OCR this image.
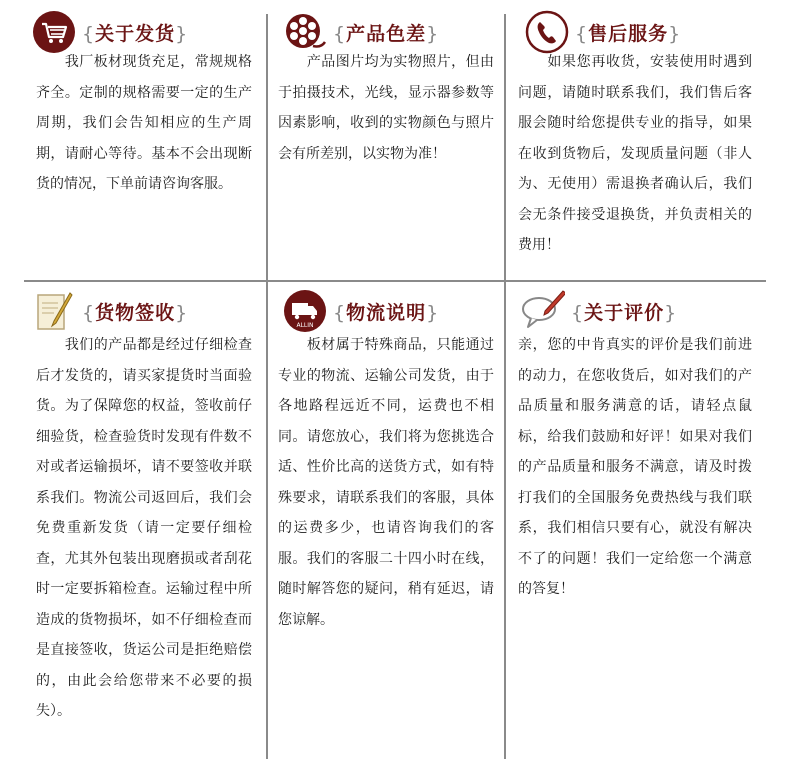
{关于发货}
　　我厂板材现货充足，常规规格齐全。定制的规格需要一定的生产周期，我们会告知相应的生产周期，请耐心等待。基本不会出现断货的情况，下单前请咨询客服。
{产品色差}
　　产品图片均为实物照片，但由于拍摄技术，光线，显示器参数等因素影响，收到的实物颜色与照片会有所差别，以实物为准！
{售后服务}
　　如果您再收货，安装使用时遇到问题，请随时联系我们，我们售后客服会随时给您提供专业的指导，如果在收到货物后，发现质量问题（非人为、无使用）需退换者确认后，我们会无条件接受退换货，并负责相关的费用！
{货物签收}
　　我们的产品都是经过仔细检查后才发货的，请买家提货时当面验货。为了保障您的权益，签收前仔细验货，检查验货时发现有件数不对或者运输损坏，请不要签收并联系我们。物流公司返回后，我们会免费重新发货（请一定要仔细检查，尤其外包装出现磨损或者刮花时一定要拆箱检查。运输过程中所造成的货物损坏，如不仔细检查而是直接签收，货运公司是拒绝赔偿的，由此会给您带来不必要的损失）。
ALLIN
{物流说明}
　　板材属于特殊商品，只能通过专业的物流、运输公司发货，由于各地路程远近不同，运费也不相同。请您放心，我们将为您挑选合适、性价比高的送货方式，如有特殊要求，请联系我们的客服，具体的运费多少，也请咨询我们的客服。我们的客服二十四小时在线，随时解答您的疑问，稍有延迟，请您谅解。
{关于评价}
亲，您的中肯真实的评价是我们前进的动力，在您收货后，如对我们的产品质量和服务满意的话，请轻点鼠标，给我们鼓励和好评！如果对我们的产品质量和服务不满意，请及时拨打我们的全国服务免费热线与我们联系，我们相信只要有心，就没有解决不了的问题！我们一定给您一个满意的答复！
